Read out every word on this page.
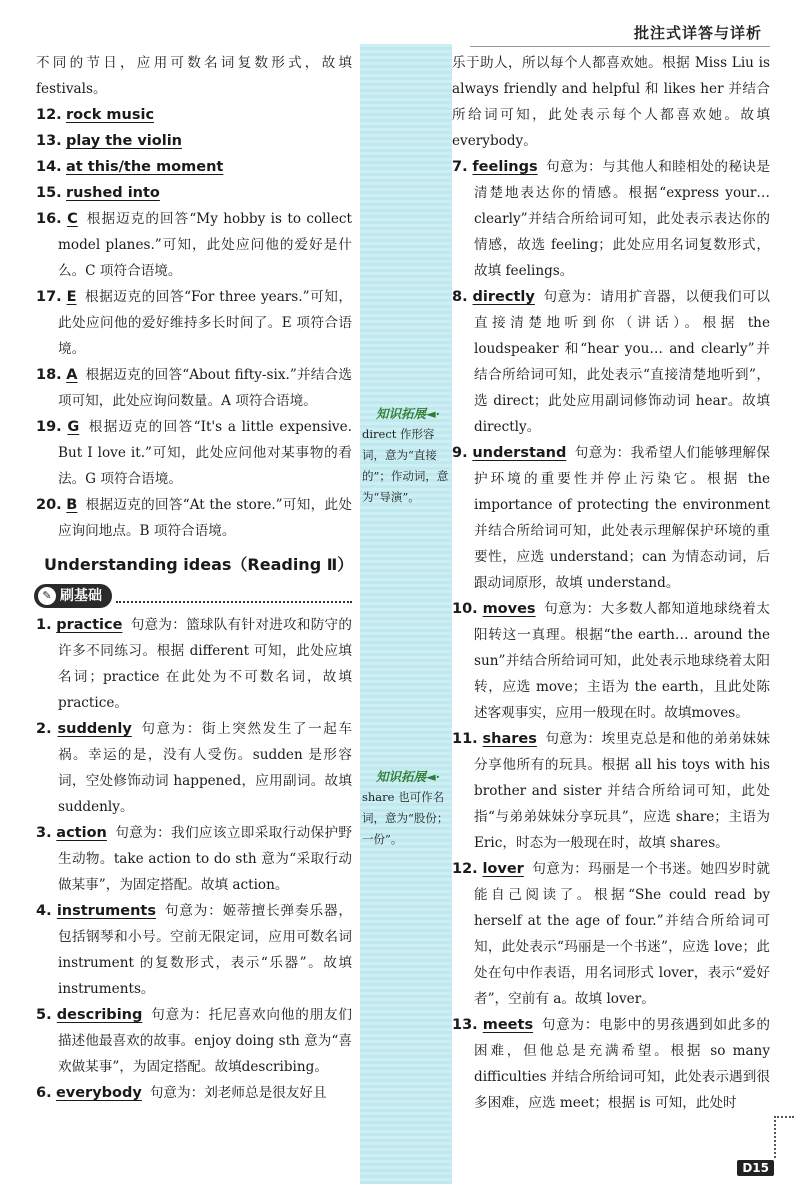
批注式详答与详析

不同的节日，应用可数名词复数形式，故填festivals。

12. rock music

13. play the violin

14. at this/the moment

15. rushed into

16. C 根据迈克的回答“My hobby is to collect model planes.”可知，此处应问他的爱好是什么。C 项符合语境。

17. E 根据迈克的回答“For three years.”可知，此处应问他的爱好维持多长时间了。E 项符合语境。

18. A 根据迈克的回答“About fifty-six.”并结合选项可知，此处应询问数量。A 项符合语境。

19. G 根据迈克的回答“It's a little expensive. But I love it.”可知，此处应问他对某事物的看法。G 项符合语境。

20. B 根据迈克的回答“At the store.”可知，此处应询问地点。B 项符合语境。

Understanding ideas（Reading Ⅱ）
✎ 刷基础

1. practice 句意为：篮球队有针对进攻和防守的许多不同练习。根据 different 可知，此处应填名词；practice 在此处为不可数名词，故填practice。

2. suddenly 句意为：街上突然发生了一起车祸。幸运的是，没有人受伤。sudden 是形容词，空处修饰动词 happened，应用副词。故填suddenly。

3. action 句意为：我们应该立即采取行动保护野生动物。take action to do sth 意为“采取行动做某事”，为固定搭配。故填 action。

4. instruments 句意为：姬蒂擅长弹奏乐器，包括钢琴和小号。空前无限定词，应用可数名词 instrument 的复数形式，表示“乐器”。故填 instruments。

5. describing 句意为：托尼喜欢向他的朋友们描述他最喜欢的故事。enjoy doing sth 意为“喜欢做某事”，为固定搭配。故填describing。

6. everybody 句意为：刘老师总是很友好且

乐于助人，所以每个人都喜欢她。根据 Miss Liu is always friendly and helpful 和 likes her 并结合所给词可知，此处表示每个人都喜欢她。故填 everybody。

7. feelings 句意为：与其他人和睦相处的秘诀是清楚地表达你的情感。根据“express your… clearly”并结合所给词可知，此处表示表达你的情感，故选 feeling；此处应用名词复数形式，故填 feelings。

8. directly 句意为：请用扩音器，以便我们可以直接清楚地听到你（讲话）。根据 the loudspeaker 和“hear you… and clearly”并结合所给词可知，此处表示“直接清楚地听到”，选 direct；此处应用副词修饰动词 hear。故填directly。

9. understand 句意为：我希望人们能够理解保护环境的重要性并停止污染它。根据 the importance of protecting the environment 并结合所给词可知，此处表示理解保护环境的重要性，应选 understand；can 为情态动词，后跟动词原形，故填 understand。

10. moves 句意为：大多数人都知道地球绕着太阳转这一真理。根据“the earth… around the sun”并结合所给词可知，此处表示地球绕着太阳转，应选 move；主语为 the earth，且此处陈述客观事实，应用一般现在时。故填moves。

11. shares 句意为：埃里克总是和他的弟弟妹妹分享他所有的玩具。根据 all his toys with his brother and sister 并结合所给词可知，此处指“与弟弟妹妹分享玩具”，应选 share；主语为 Eric，时态为一般现在时，故填 shares。

12. lover 句意为：玛丽是一个书迷。她四岁时就能自己阅读了。根据“She could read by herself at the age of four.”并结合所给词可知，此处表示“玛丽是一个书迷”，应选 love；此处在句中作表语，用名词形式 lover，表示“爱好者”，空前有 a。故填 lover。

13. meets 句意为：电影中的男孩遇到如此多的困难，但他总是充满希望。根据 so many difficulties 并结合所给词可知，此处表示遇到很多困难，应选 meet；根据 is 可知，此处时

知识拓展◄·
direct 作形容词，意为“直接的”；作动词，意为“导演”。
知识拓展◄·
share 也可作名词，意为“股份；一份”。
D15
